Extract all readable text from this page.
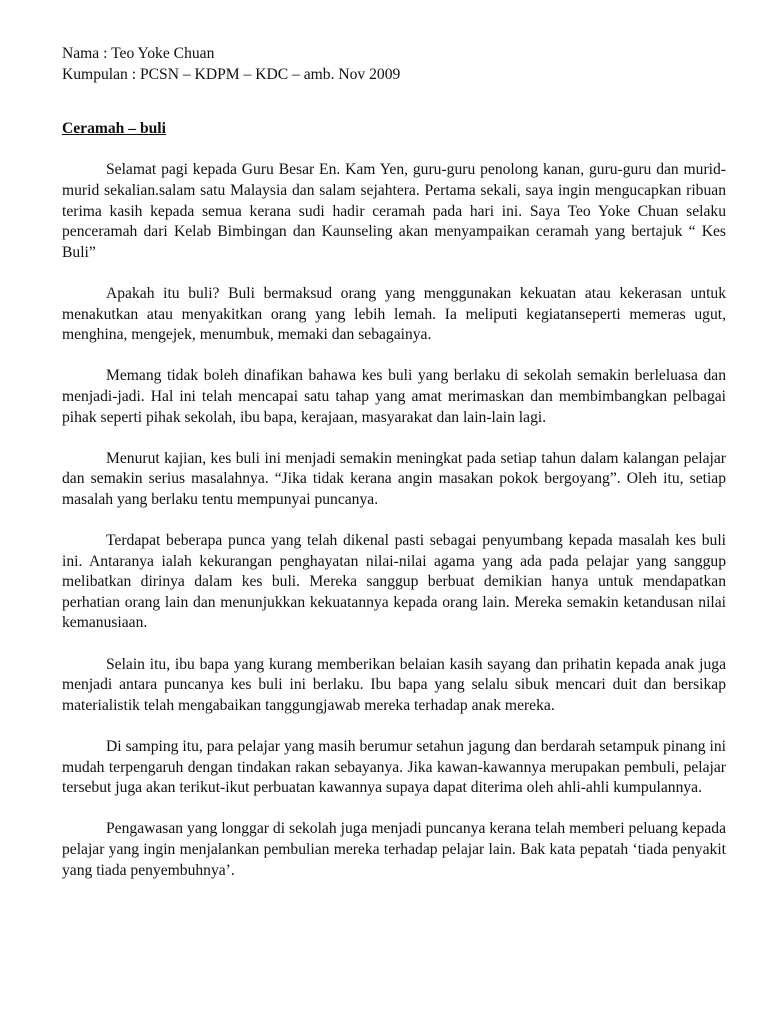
Nama : Teo Yoke Chuan

Kumpulan : PCSN – KDPM – KDC – amb. Nov 2009

Ceramah – buli

Selamat pagi kepada Guru Besar En. Kam Yen, guru-guru penolong kanan, guru-guru dan murid-murid sekalian.salam satu Malaysia dan salam sejahtera. Pertama sekali, saya ingin mengucapkan ribuan terima kasih kepada semua kerana sudi hadir ceramah pada hari ini. Saya Teo Yoke Chuan selaku penceramah dari Kelab Bimbingan dan Kaunseling akan menyampaikan ceramah yang bertajuk “ Kes Buli”

Apakah itu buli? Buli bermaksud orang yang menggunakan kekuatan atau kekerasan untuk menakutkan atau menyakitkan orang yang lebih lemah. Ia meliputi kegiatanseperti memeras ugut, menghina, mengejek, menumbuk, memaki dan sebagainya.

Memang tidak boleh dinafikan bahawa kes buli yang berlaku di sekolah semakin berleluasa dan menjadi-jadi. Hal ini telah mencapai satu tahap yang amat merimaskan dan membimbangkan pelbagai pihak seperti pihak sekolah, ibu bapa, kerajaan, masyarakat dan lain-lain lagi.

Menurut kajian, kes buli ini menjadi semakin meningkat pada setiap tahun dalam kalangan pelajar dan semakin serius masalahnya. “Jika tidak kerana angin masakan pokok bergoyang”. Oleh itu, setiap masalah yang berlaku tentu mempunyai puncanya.

Terdapat beberapa punca yang telah dikenal pasti sebagai penyumbang kepada masalah kes buli ini. Antaranya ialah kekurangan penghayatan nilai-nilai agama yang ada pada pelajar yang sanggup melibatkan dirinya dalam kes buli. Mereka sanggup berbuat demikian hanya untuk mendapatkan perhatian orang lain dan menunjukkan kekuatannya kepada orang lain. Mereka semakin ketandusan nilai kemanusiaan.

Selain itu, ibu bapa yang kurang memberikan belaian kasih sayang dan prihatin kepada anak juga menjadi antara puncanya kes buli ini berlaku. Ibu bapa yang selalu sibuk mencari duit dan bersikap materialistik telah mengabaikan tanggungjawab mereka terhadap anak mereka.

Di samping itu, para pelajar yang masih berumur setahun jagung dan berdarah setampuk pinang ini mudah terpengaruh dengan tindakan rakan sebayanya. Jika kawan-kawannya merupakan pembuli, pelajar tersebut juga akan terikut-ikut perbuatan kawannya supaya dapat diterima oleh ahli-ahli kumpulannya.

Pengawasan yang longgar di sekolah juga menjadi puncanya kerana telah memberi peluang kepada pelajar yang ingin menjalankan pembulian mereka terhadap pelajar lain. Bak kata pepatah ‘tiada penyakit yang tiada penyembuhnya’.
